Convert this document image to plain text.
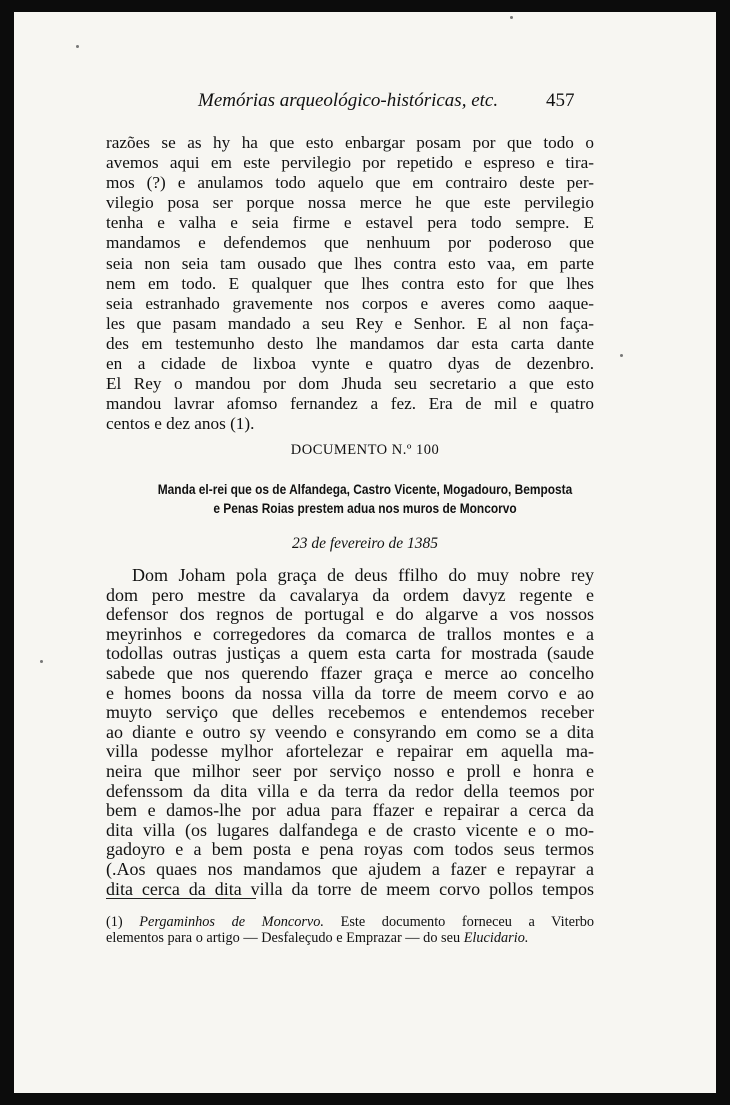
Memórias arqueológico-históricas, etc.	457
razões se as hy ha que esto enbargar posam por que todo o
avemos aqui em este pervilegio por repetido e espreso e tira-
mos (?) e anulamos todo aquelo que em contrairo deste per-
vilegio posa ser porque nossa merce he que este pervilegio
tenha e valha e seia firme e estavel pera todo sempre. E
mandamos e defendemos que nenhuum por poderoso que
seia non seia tam ousado que lhes contra esto vaa, em parte
nem em todo. E qualquer que lhes contra esto for que lhes
seia estranhado gravemente nos corpos e averes como aaque-
les que pasam mandado a seu Rey e Senhor. E al non faça-
des em testemunho desto lhe mandamos dar esta carta dante
en a cidade de lixboa vynte e quatro dyas de dezenbro.
El Rey o mandou por dom Jhuda seu secretario a que esto
mandou lavrar afomso fernandez a fez. Era de mil e quatro
centos e dez anos (1).
DOCUMENTO N.º 100
Manda el-rei que os de Alfandega, Castro Vicente, Mogadouro, Bemposta
e Penas Roias prestem adua nos muros de Moncorvo
23 de fevereiro de 1385
Dom Joham pola graça de deus ffilho do muy nobre rey
dom pero mestre da cavalarya da ordem davyz regente e
defensor dos regnos de portugal e do algarve a vos nossos
meyrinhos e corregedores da comarca de trallos montes e a
todollas outras justiças a quem esta carta for mostrada (saude
sabede que nos querendo ffazer graça e merce ao concelho
e homes boons da nossa villa da torre de meem corvo e ao
muyto serviço que delles recebemos e entendemos receber
ao diante e outro sy veendo e consyrando em como se a dita
villa podesse mylhor afortelezar e repairar em aquella ma-
neira que milhor seer por serviço nosso e proll e honra e
defenssom da dita villa e da terra da redor della teemos por
bem e damos-lhe por adua para ffazer e repairar a cerca da
dita villa (os lugares dalfandega e de crasto vicente e o mo-
gadoyro e a bem posta e pena royas com todos seus termos
(.Aos quaes nos mandamos que ajudem a fazer e repayrar a
dita cerca da dita villa da torre de meem corvo pollos tempos
(1) Pergaminhos de Moncorvo. Este documento forneceu a Viterbo
elementos para o artigo — Desfaleçudo e Emprazar — do seu Elucidario.
